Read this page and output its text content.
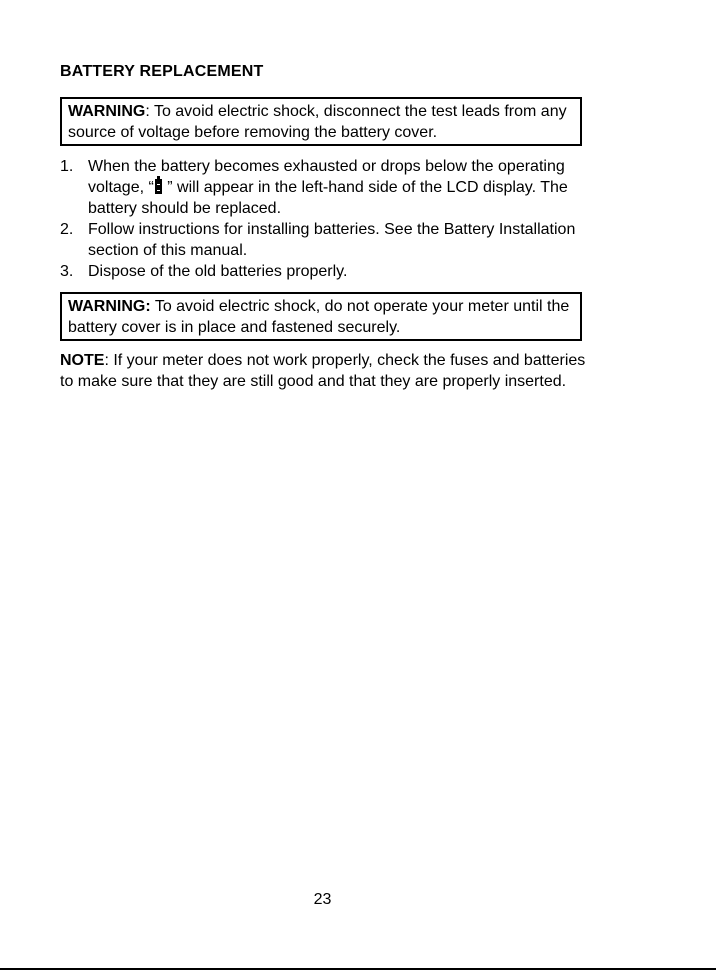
BATTERY REPLACEMENT
WARNING: To avoid electric shock, disconnect the test leads from any source of voltage before removing the battery cover.
1. When the battery becomes exhausted or drops below the operating voltage, “ ” will appear in the left-hand side of the LCD display. The battery should be replaced.
2. Follow instructions for installing batteries. See the Battery Installation section of this manual.
3. Dispose of the old batteries properly.
WARNING: To avoid electric shock, do not operate your meter until the battery cover is in place and fastened securely.
NOTE: If your meter does not work properly, check the fuses and batteries to make sure that they are still good and that they are properly inserted.
23
